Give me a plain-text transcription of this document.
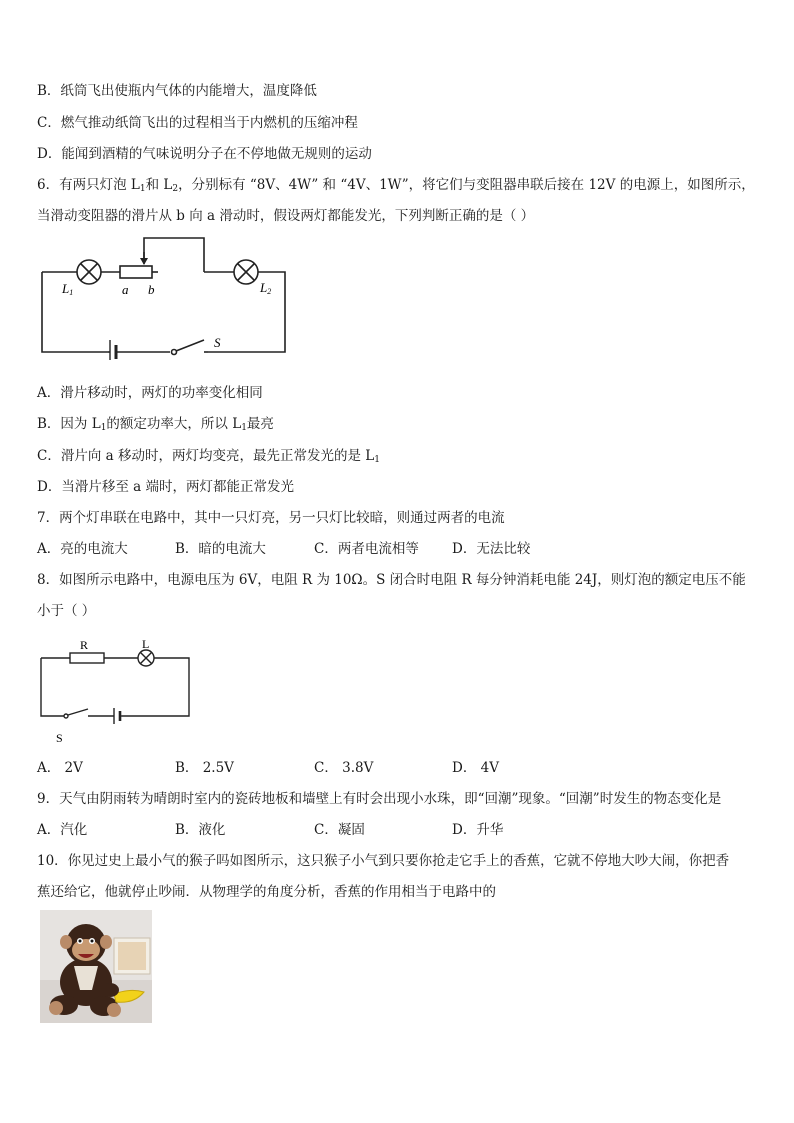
B．纸筒飞出使瓶内气体的内能增大，温度降低
C．燃气推动纸筒飞出的过程相当于内燃机的压缩冲程
D．能闻到酒精的气味说明分子在不停地做无规则的运动
6．有两只灯泡 $L_1$和 $L_2$，分别标有 “8V、4W” 和 “4V、1W”，将它们与变阻器串联后接在 12V 的电源上，如图所示，
当滑动变阻器的滑片从 b 向 a 滑动时，假设两灯都能发光，下列判断正确的是（ ）
L1	a b	L2
S
A．滑片移动时，两灯的功率变化相同
B．因为 $L_1$的额定功率大，所以 $L_1$最亮
C．滑片向 a 移动时，两灯均变亮，最先正常发光的是 $L_1$
D．当滑片移至 a 端时，两灯都能正常发光
7．两个灯串联在电路中，其中一只灯亮，另一只灯比较暗，则通过两者的电流
A．亮的电流大	B．暗的电流大	C．两者电流相等 D．无法比较
8．如图所示电路中，电源电压为 6V，电阻 R 为 10Ω。S 闭合时电阻 R 每分钟消耗电能 24J，则灯泡的额定电压不能
小于（ ）
R	L
S
A． 2V	B． 2.5V	C． 3.8V	D． 4V
9．天气由阴雨转为晴朗时室内的瓷砖地板和墙壁上有时会出现小水珠，即“回潮”现象。“回潮”时发生的物态变化是
A．汽化	B．液化	C．凝固	D．升华
10．你见过史上最小气的猴子吗如图所示，这只猴子小气到只要你抢走它手上的香蕉，它就不停地大吵大闹，你把香
蕉还给它，他就停止吵闹．从物理学的角度分析，香蕉的作用相当于电路中的
